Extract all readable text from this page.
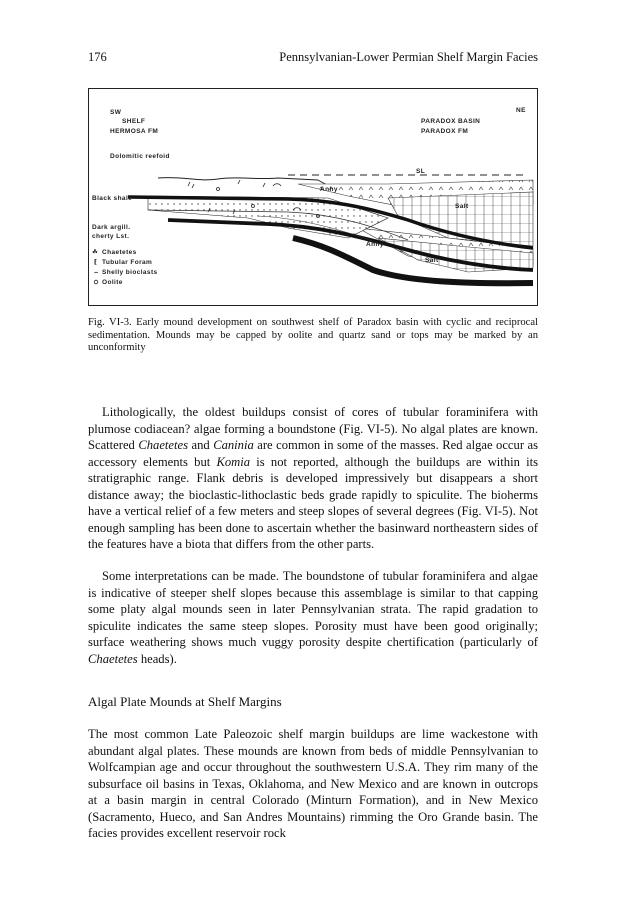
176	Pennsylvanian-Lower Permian Shelf Margin Facies
SW	NE
SHELF
HERMOSA FM
PARADOX BASIN
PARADOX FM
Dolomitic reefoid
Black shale
Dark argill.
cherty Lst.
SL
Anhy
Salt
Anhy
Salt
☘ Chaetetes
⁅ Tubular Foram
⌢ Shelly bioclasts
Oolite
Fig. VI-3. Early mound development on southwest shelf of Paradox basin with cyclic and reciprocal sedimentation. Mounds may be capped by oolite and quartz sand or tops may be marked by an unconformity

Lithologically, the oldest buildups consist of cores of tubular foraminifera with plumose codiacean? algae forming a boundstone (Fig. VI-5). No algal plates are known. Scattered Chaetetes and Caninia are common in some of the masses. Red algae occur as accessory elements but Komia is not reported, although the buildups are within its stratigraphic range. Flank debris is developed impressively but disappears a short distance away; the bioclastic-lithoclastic beds grade rapidly to spiculite. The bioherms have a vertical relief of a few meters and steep slopes of several degrees (Fig. VI-5). Not enough sampling has been done to ascertain whether the basinward northeastern sides of the features have a biota that differs from the other parts.

Some interpretations can be made. The boundstone of tubular foraminifera and algae is indicative of steeper shelf slopes because this assemblage is similar to that capping some platy algal mounds seen in later Pennsylvanian strata. The rapid gradation to spiculite indicates the same steep slopes. Porosity must have been good originally; surface weathering shows much vuggy porosity despite chertification (particularly of Chaetetes heads).

Algal Plate Mounds at Shelf Margins

The most common Late Paleozoic shelf margin buildups are lime wackestone with abundant algal plates. These mounds are known from beds of middle Pennsylvanian to Wolfcampian age and occur throughout the southwestern U.S.A. They rim many of the subsurface oil basins in Texas, Oklahoma, and New Mexico and are known in outcrops at a basin margin in central Colorado (Minturn Formation), and in New Mexico (Sacramento, Hueco, and San Andres Mountains) rimming the Oro Grande basin. The facies provides excellent reservoir rock
